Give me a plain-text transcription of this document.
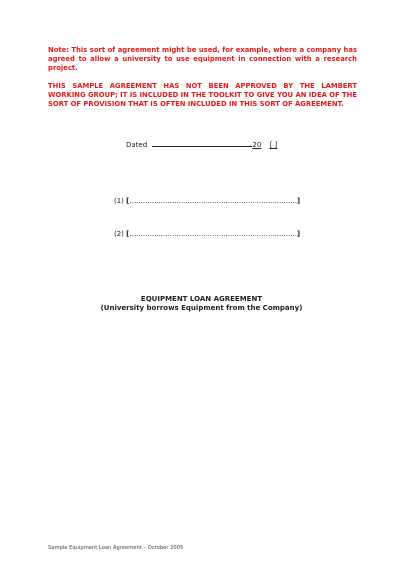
Note: This sort of agreement might be used, for example, where a company has agreed to allow a university to use equipment in connection with a research project.
THIS SAMPLE AGREEMENT HAS NOT BEEN APPROVED BY THE LAMBERT WORKING GROUP; IT IS INCLUDED IN THE TOOLKIT TO GIVE YOU AN IDEA OF THE SORT OF PROVISION THAT IS OFTEN INCLUDED IN THIS SORT OF AGREEMENT.
Dated	20 [ ]
(1) […………………………………………………………………]
(2) […………………………………………………………………]
EQUIPMENT LOAN AGREEMENT
(University borrows Equipment from the Company)
Sample Equipment Loan Agreement – October 2005
